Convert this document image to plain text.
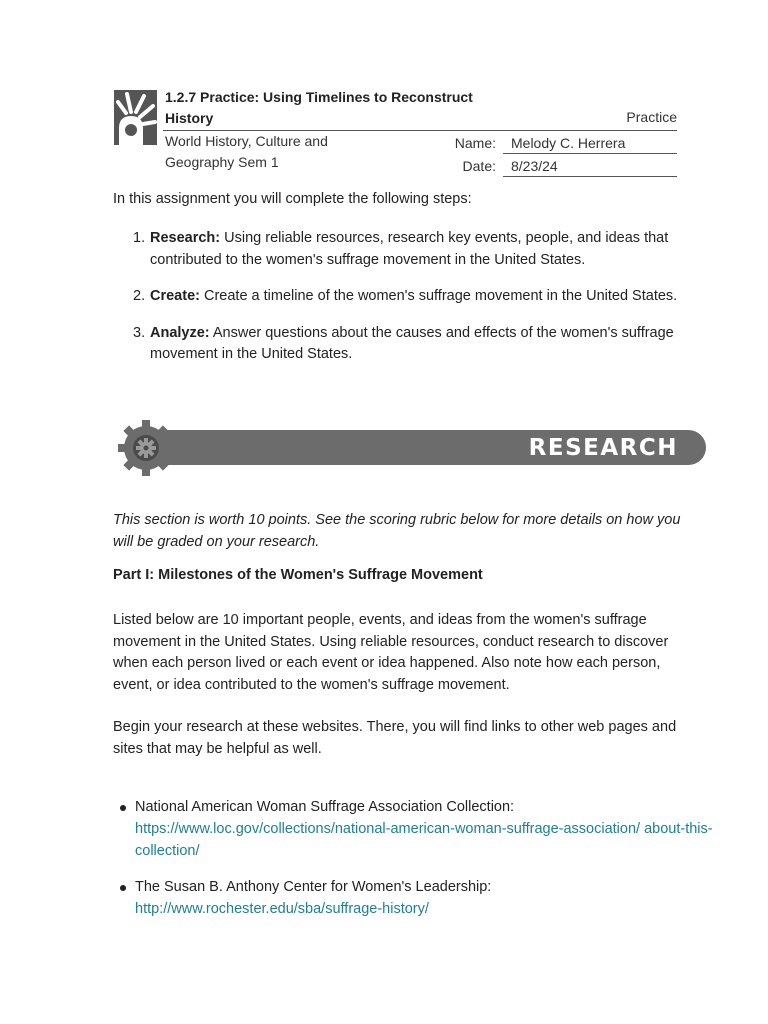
1.2.7 Practice: Using Timelines to Reconstruct History	Practice
World History, Culture and Geography Sem 1
Name:	Melody C. Herrera
Date:	8/23/24
In this assignment you will complete the following steps:
1. Research: Using reliable resources, research key events, people, and ideas that contributed to the women's suffrage movement in the United States.
2. Create: Create a timeline of the women's suffrage movement in the United States.
3. Analyze: Answer questions about the causes and effects of the women's suffrage movement in the United States.
RESEARCH
This section is worth 10 points. See the scoring rubric below for more details on how you will be graded on your research.
Part I: Milestones of the Women's Suffrage Movement
Listed below are 10 important people, events, and ideas from the women's suffrage movement in the United States. Using reliable resources, conduct research to discover when each person lived or each event or idea happened. Also note how each person, event, or idea contributed to the women's suffrage movement.
Begin your research at these websites. There, you will find links to other web pages and sites that may be helpful as well.
National American Woman Suffrage Association Collection:
https://www.loc.gov/collections/national-american-woman-suffrage-association/ about-this-collection/
The Susan B. Anthony Center for Women's Leadership:
http://www.rochester.edu/sba/suffrage-history/
